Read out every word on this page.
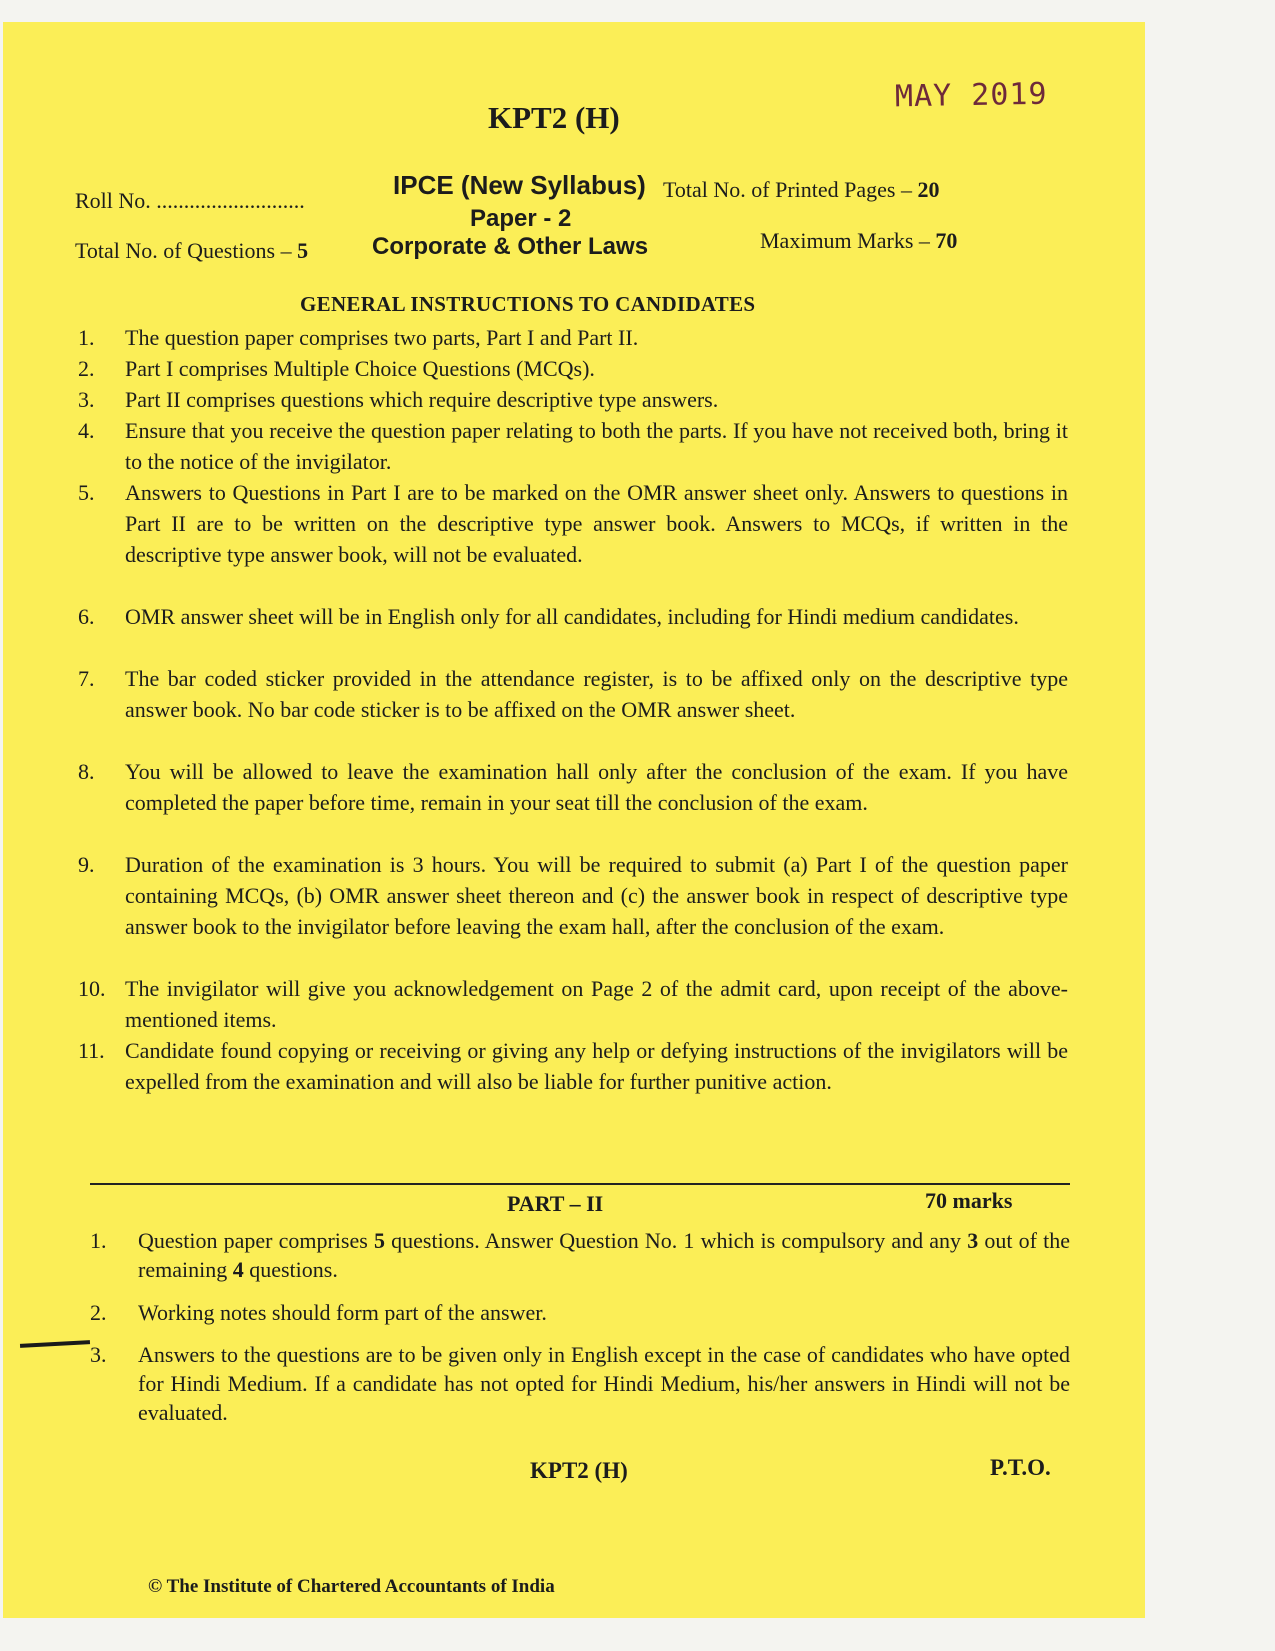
MAY 2019
KPT2 (H)
Roll No. ...........................
IPCE (New Syllabus) Total No. of Printed Pages – 20
Paper - 2
Total No. of Questions – 5	Corporate & Other Laws	Maximum Marks – 70
GENERAL INSTRUCTIONS TO CANDIDATES
1.	The question paper comprises two parts, Part I and Part II.
2.	Part I comprises Multiple Choice Questions (MCQs).
3.	Part II comprises questions which require descriptive type answers.
4.	Ensure that you receive the question paper relating to both the parts. If you have not received both, bring it to the notice of the invigilator.
5.	Answers to Questions in Part I are to be marked on the OMR answer sheet only. Answers to questions in Part II are to be written on the descriptive type answer book. Answers to MCQs, if written in the descriptive type answer book, will not be evaluated.
6.	OMR answer sheet will be in English only for all candidates, including for Hindi medium candidates.
7.	The bar coded sticker provided in the attendance register, is to be affixed only on the descriptive type answer book. No bar code sticker is to be affixed on the OMR answer sheet.
8.	You will be allowed to leave the examination hall only after the conclusion of the exam. If you have completed the paper before time, remain in your seat till the conclusion of the exam.
9.	Duration of the examination is 3 hours. You will be required to submit (a) Part I of the question paper containing MCQs, (b) OMR answer sheet thereon and (c) the answer book in respect of descriptive type answer book to the invigilator before leaving the exam hall, after the conclusion of the exam.
10. The invigilator will give you acknowledgement on Page 2 of the admit card, upon receipt of the above-mentioned items.
11. Candidate found copying or receiving or giving any help or defying instructions of the invigilators will be expelled from the examination and will also be liable for further punitive action.
PART – II	70 marks
1.	Question paper comprises 5 questions. Answer Question No. 1 which is compulsory and any 3 out of the remaining 4 questions.
2.	Working notes should form part of the answer.
3.	Answers to the questions are to be given only in English except in the case of candidates who have opted for Hindi Medium. If a candidate has not opted for Hindi Medium, his/her answers in Hindi will not be evaluated.
KPT2 (H)	P.T.O.
© The Institute of Chartered Accountants of India
